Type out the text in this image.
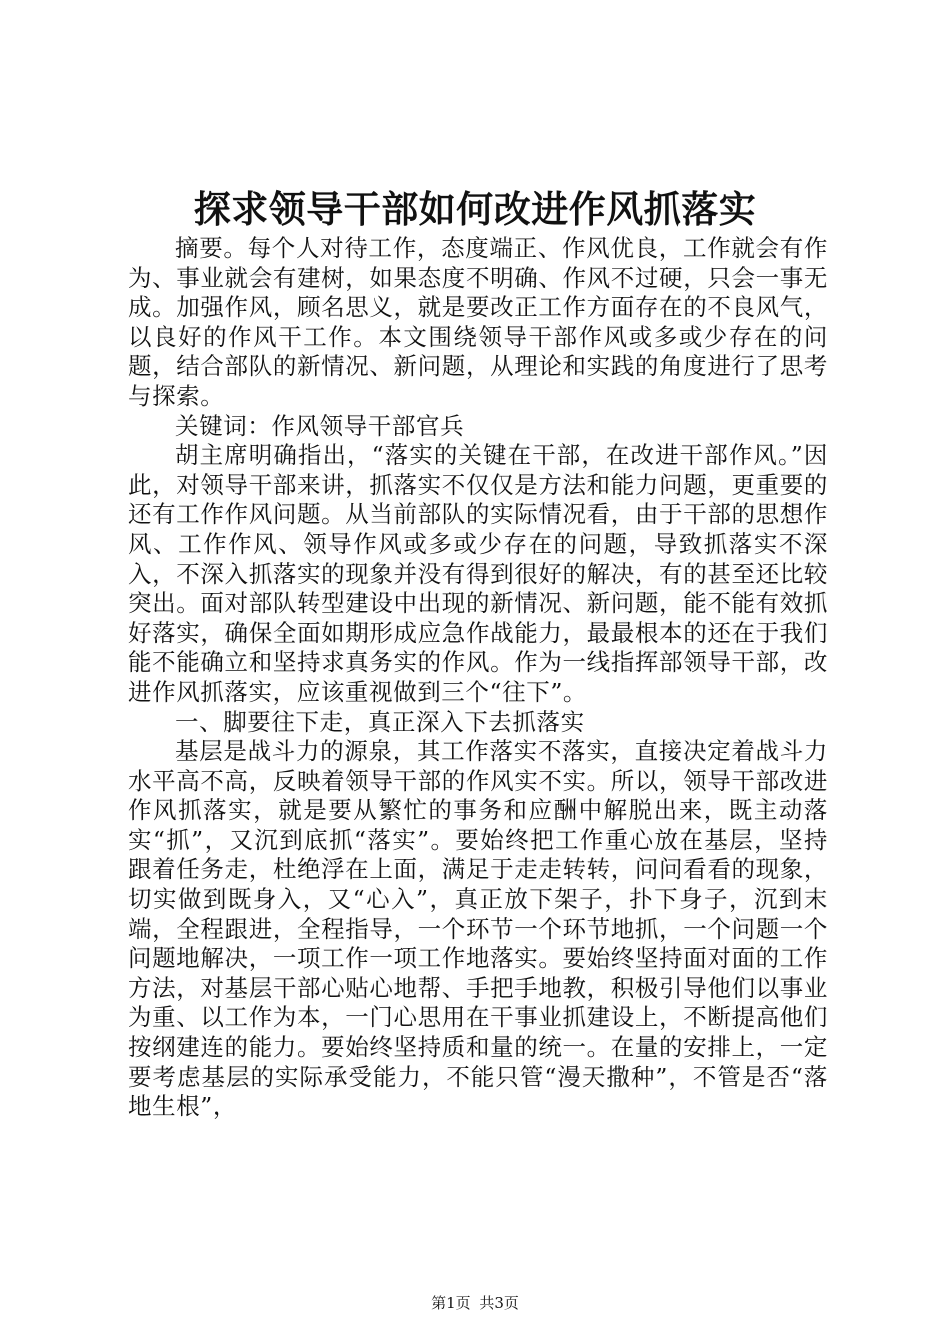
探求领导干部如何改进作风抓落实

摘要。每个人对待工作，态度端正、作风优良，工作就会有作为、事业就会有建树，如果态度不明确、作风不过硬，只会一事无成。加强作风，顾名思义，就是要改正工作方面存在的不良风气，以良好的作风干工作。本文围绕领导干部作风或多或少存在的问题，结合部队的新情况、新问题，从理论和实践的角度进行了思考与探索。

关键词：作风领导干部官兵

胡主席明确指出，“落实的关键在干部，在改进干部作风。”因此，对领导干部来讲，抓落实不仅仅是方法和能力问题，更重要的还有工作作风问题。从当前部队的实际情况看，由于干部的思想作风、工作作风、领导作风或多或少存在的问题，导致抓落实不深入，不深入抓落实的现象并没有得到很好的解决，有的甚至还比较突出。面对部队转型建设中出现的新情况、新问题，能不能有效抓好落实，确保全面如期形成应急作战能力，最最根本的还在于我们能不能确立和坚持求真务实的作风。作为一线指挥部领导干部，改进作风抓落实，应该重视做到三个“往下”。

一、脚要往下走，真正深入下去抓落实

基层是战斗力的源泉，其工作落实不落实，直接决定着战斗力水平高不高，反映着领导干部的作风实不实。所以，领导干部改进作风抓落实，就是要从繁忙的事务和应酬中解脱出来，既主动落实“抓”，又沉到底抓“落实”。要始终把工作重心放在基层，坚持跟着任务走，杜绝浮在上面，满足于走走转转，问问看看的现象，切实做到既身入，又“心入”，真正放下架子，扑下身子，沉到末端，全程跟进，全程指导，一个环节一个环节地抓，一个问题一个问题地解决，一项工作一项工作地落实。要始终坚持面对面的工作方法，对基层干部心贴心地帮、手把手地教，积极引导他们以事业为重、以工作为本，一门心思用在干事业抓建设上，不断提高他们按纲建连的能力。要始终坚持质和量的统一。在量的安排上，一定要考虑基层的实际承受能力，不能只管“漫天撒种”，不管是否“落地生根”，

第1页 共3页
